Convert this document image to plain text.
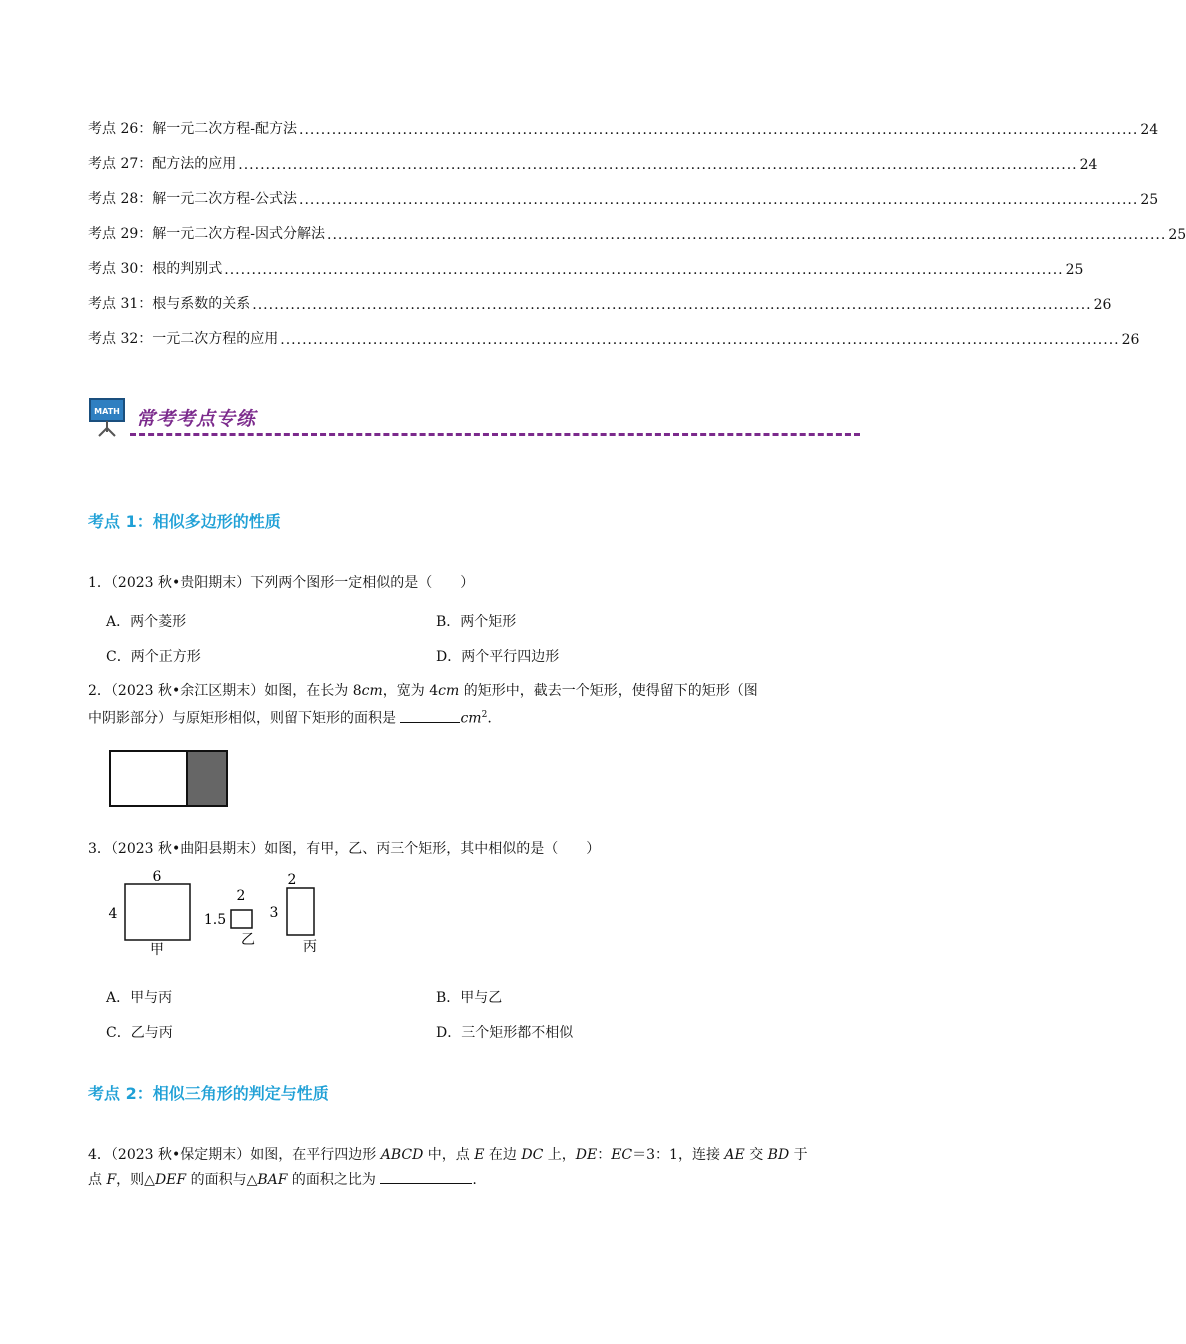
考点 26：解一元二次方程-配方法 .......................................................................................................................................................... 24
考点 27：配方法的应用 .......................................................................................................................................................... 24
考点 28：解一元二次方程-公式法 .......................................................................................................................................................... 25
考点 29：解一元二次方程-因式分解法 .......................................................................................................................................................... 25
考点 30：根的判别式 .......................................................................................................................................................... 25
考点 31：根与系数的关系 .......................................................................................................................................................... 26
考点 32：一元二次方程的应用 .......................................................................................................................................................... 26
MATH 常考考点专练
考点 1：相似多边形的性质
1．（2023 秋•贵阳期末）下列两个图形一定相似的是（　　）
A．两个菱形	B．两个矩形
C．两个正方形	D．两个平行四边形
2．（2023 秋•余江区期末）如图，在长为 8cm，宽为 4cm 的矩形中，截去一个矩形，使得留下的矩形（图
中阴影部分）与原矩形相似，则留下矩形的面积是	$cm^2$.
3．（2023 秋•曲阳县期末）如图，有甲，乙、丙三个矩形，其中相似的是（　　）
6
4
甲
2
1.5
乙
2
3
丙
A．甲与丙	B．甲与乙
C．乙与丙	D．三个矩形都不相似
考点 2：相似三角形的判定与性质
4．（2023 秋•保定期末）如图，在平行四边形 ABCD 中，点 E 在边 DC 上，DE：EC＝3：1，连接 AE 交 BD 于
点 F，则△DEF 的面积与△BAF 的面积之比为	.
